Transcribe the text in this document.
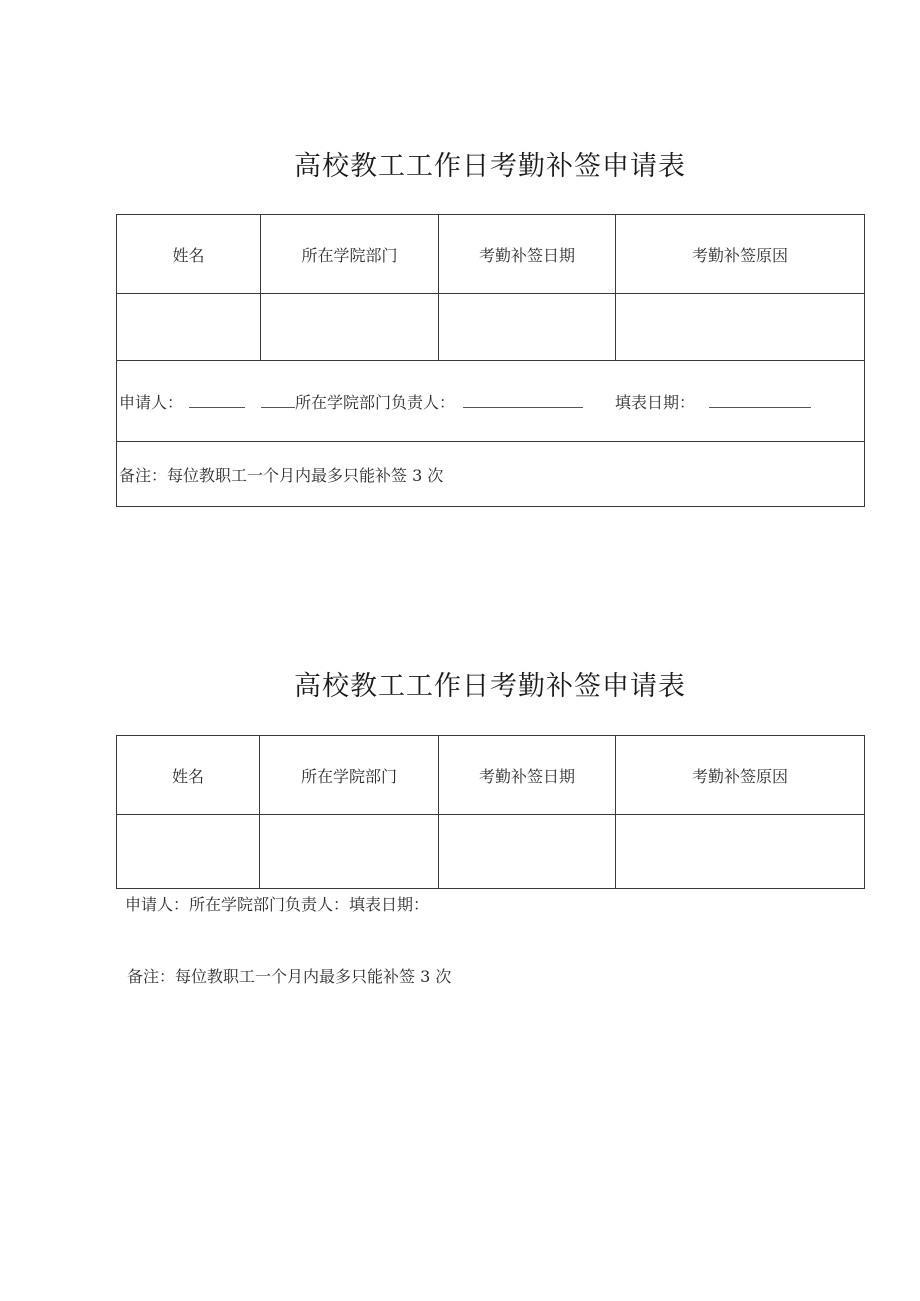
高校教工工作日考勤补签申请表
姓名	所在学院部门	考勤补签日期	考勤补签原因

申请人： 所在学院部门负责人： 填表日期：			

备注：每位教职工一个月内最多只能补签 3 次			
高校教工工作日考勤补签申请表
姓名	所在学院部门	考勤补签日期	考勤补签原因

申请人：所在学院部门负责人：填表日期：
备注：每位教职工一个月内最多只能补签 3 次
